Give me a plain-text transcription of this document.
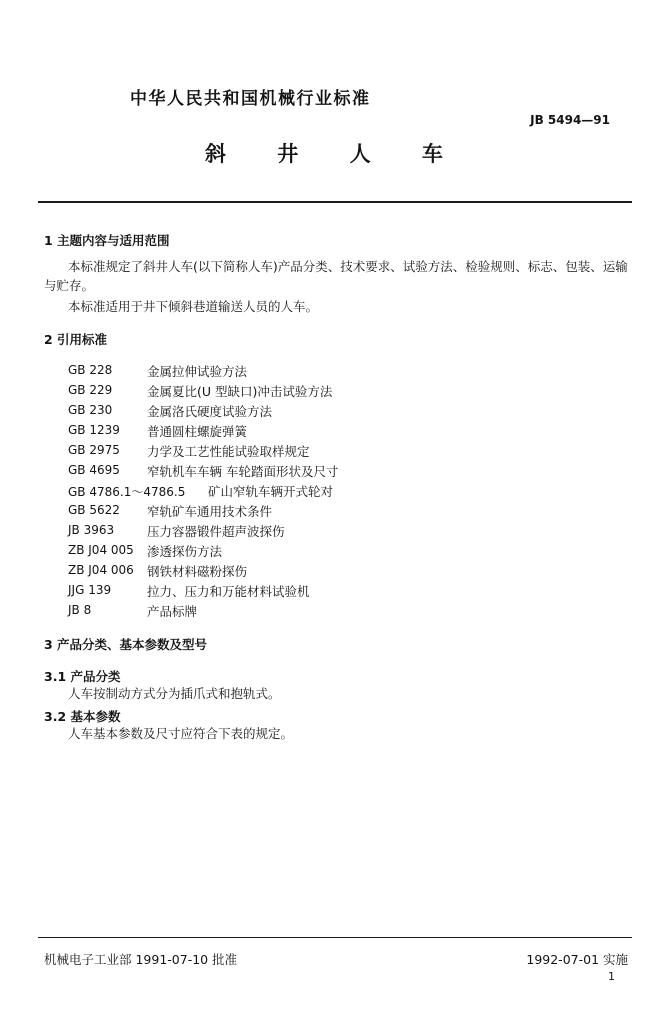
中华人民共和国机械行业标准
JB 5494—91
斜 井 人 车
1 主题内容与适用范围
本标准规定了斜井人车(以下简称人车)产品分类、技术要求、试验方法、检验规则、标志、包装、运输
与贮存。
本标准适用于井下倾斜巷道输送人员的人车。
2 引用标准
GB 228	金属拉伸试验方法
GB 229	金属夏比(U 型缺口)冲击试验方法
GB 230	金属洛氏硬度试验方法
GB 1239 普通圆柱螺旋弹簧
GB 2975 力学及工艺性能试验取样规定
GB 4695 窄轨机车车辆 车轮踏面形状及尺寸
GB 4786.1～4786.5 矿山窄轨车辆开式轮对
GB 5622 窄轨矿车通用技术条件
JB 3963	压力容器锻件超声波探伤
ZB J04 005 渗透探伤方法
ZB J04 006 钢铁材料磁粉探伤
JJG 139	拉力、压力和万能材料试验机
JB 8	产品标牌
3 产品分类、基本参数及型号
3.1 产品分类
人车按制动方式分为插爪式和抱轨式。
3.2 基本参数
人车基本参数及尺寸应符合下表的规定。
机械电子工业部 1991-07-10 批准	1992-07-01 实施
1
